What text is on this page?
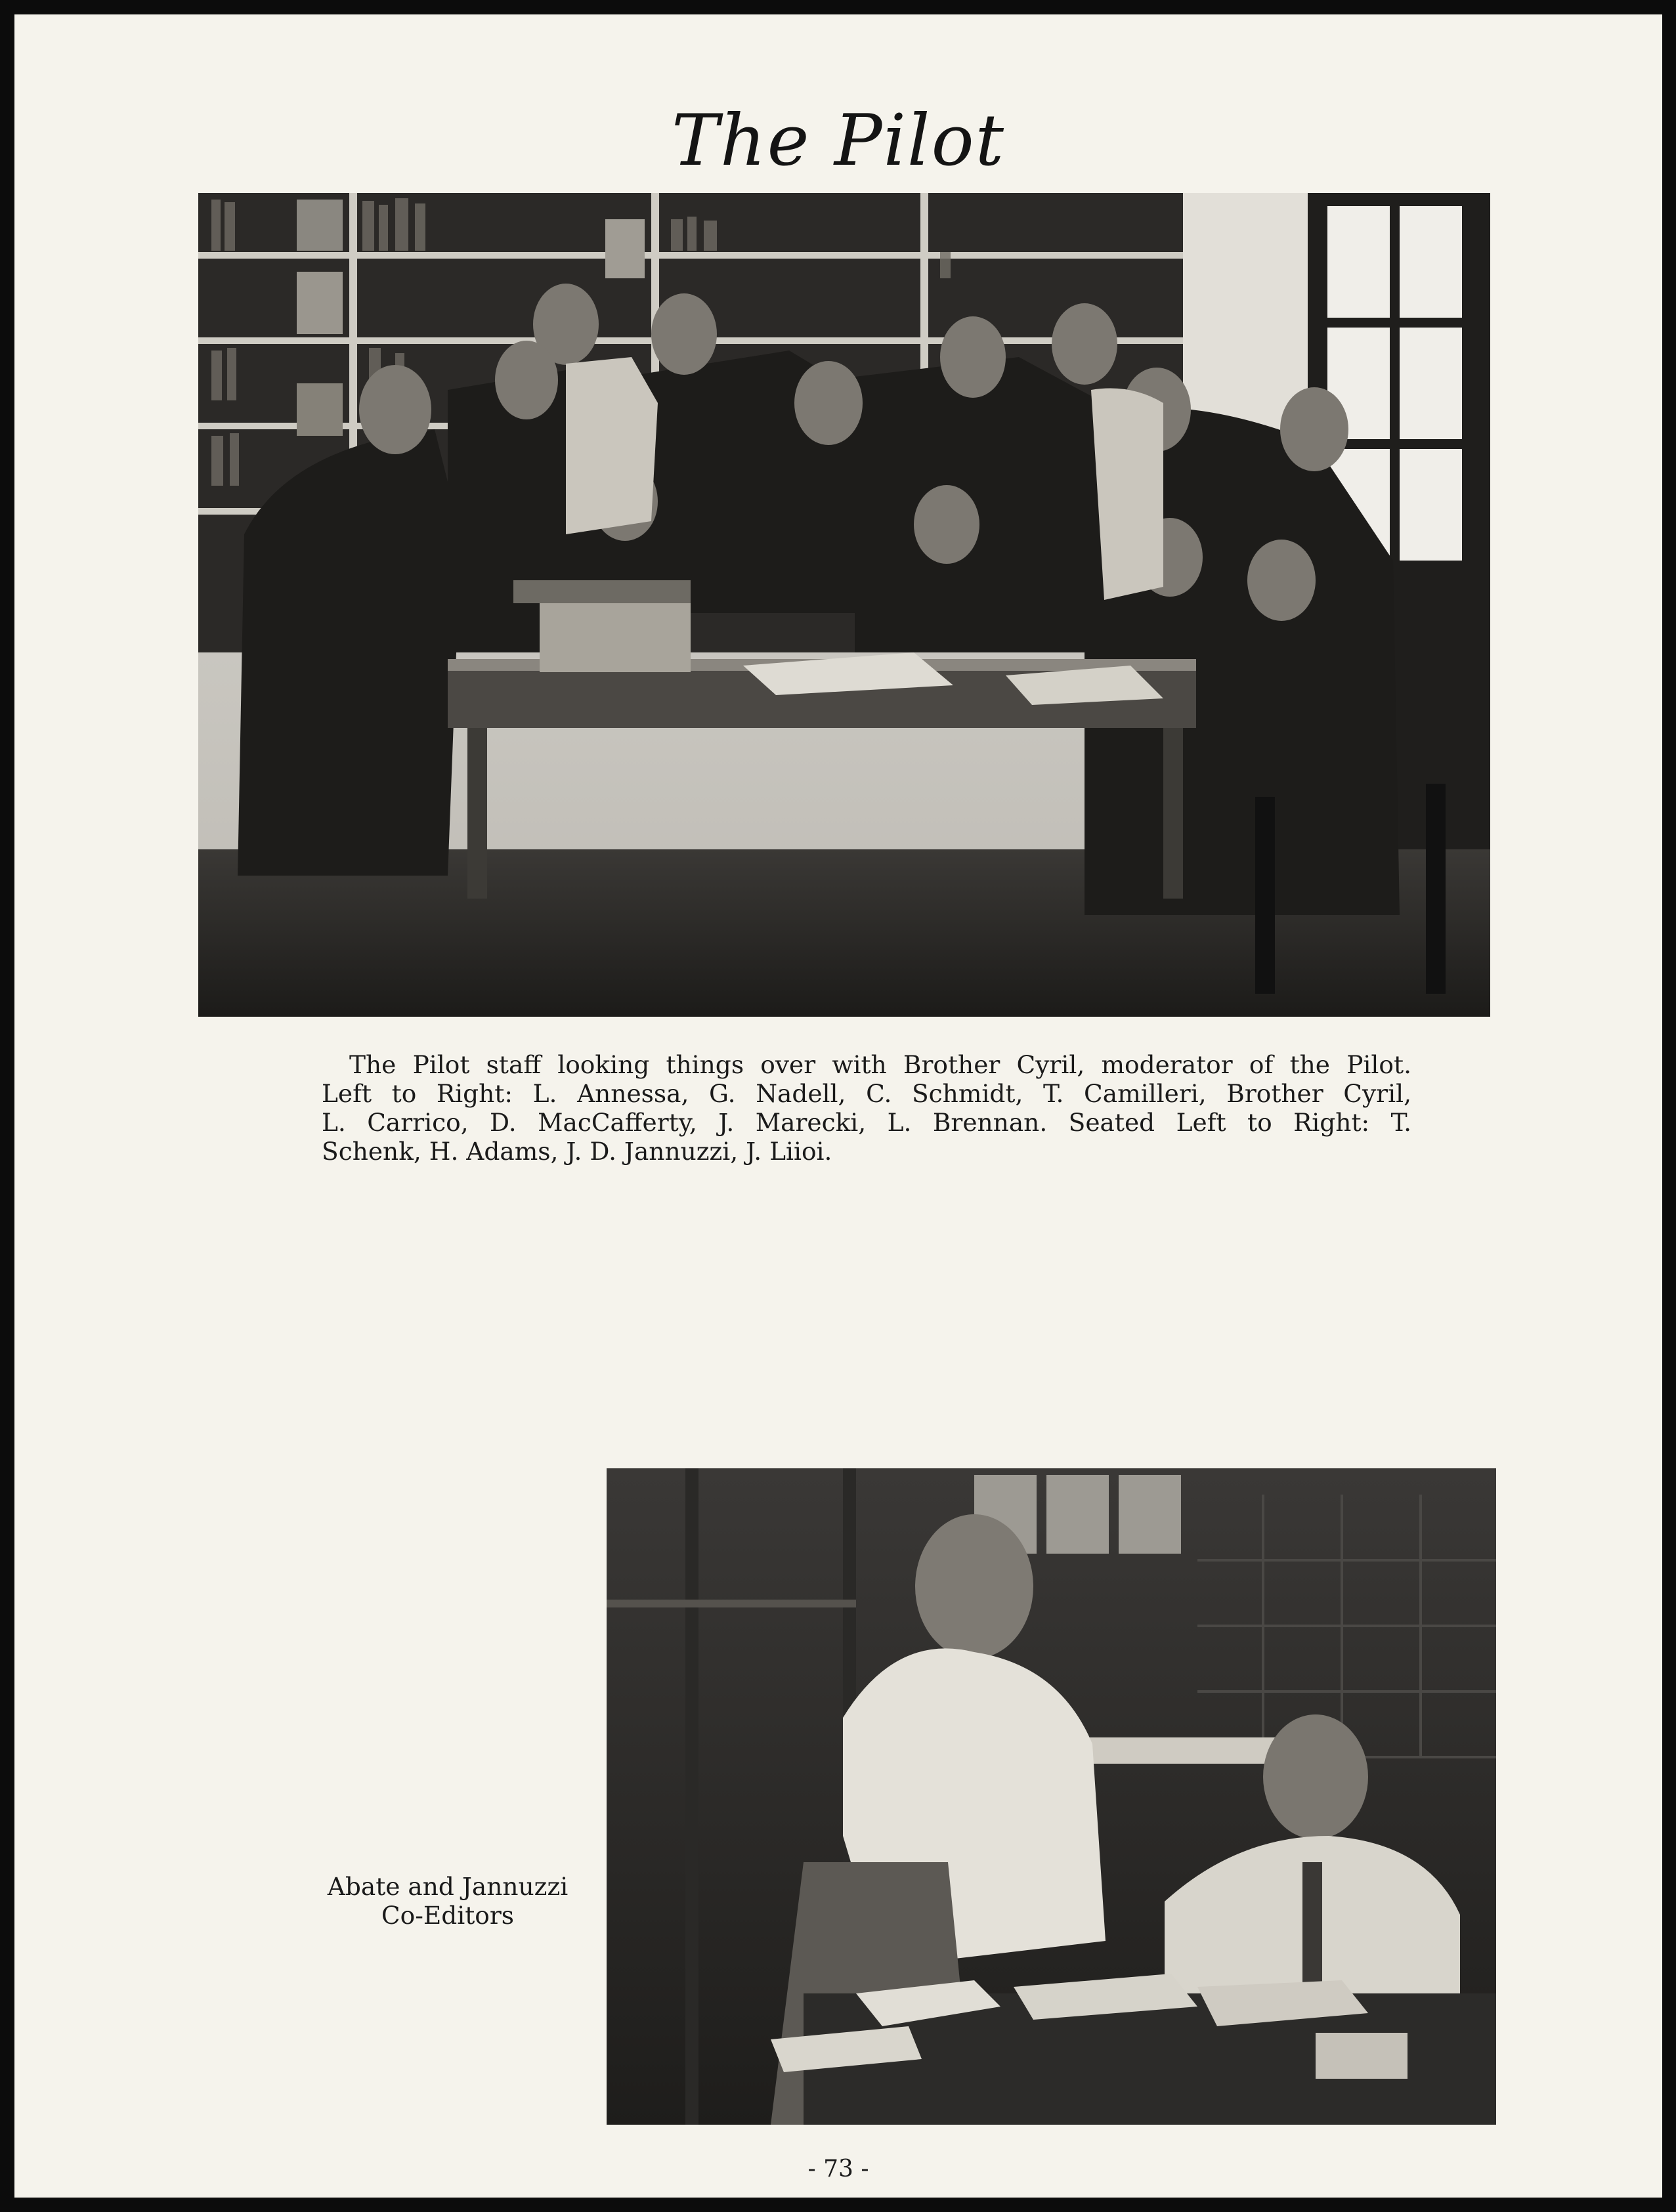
The Pilot
The Pilot staff looking things over with Brother Cyril, moderator of the Pilot.
Left to Right: L. Annessa, G. Nadell, C. Schmidt, T. Camilleri, Brother Cyril,
L. Carrico, D. MacCafferty, J. Marecki, L. Brennan. Seated Left to Right: T.
Schenk, H. Adams, J. D. Jannuzzi, J. Liioi.
Abate and Jannuzzi
Co-Editors
- 73 -
